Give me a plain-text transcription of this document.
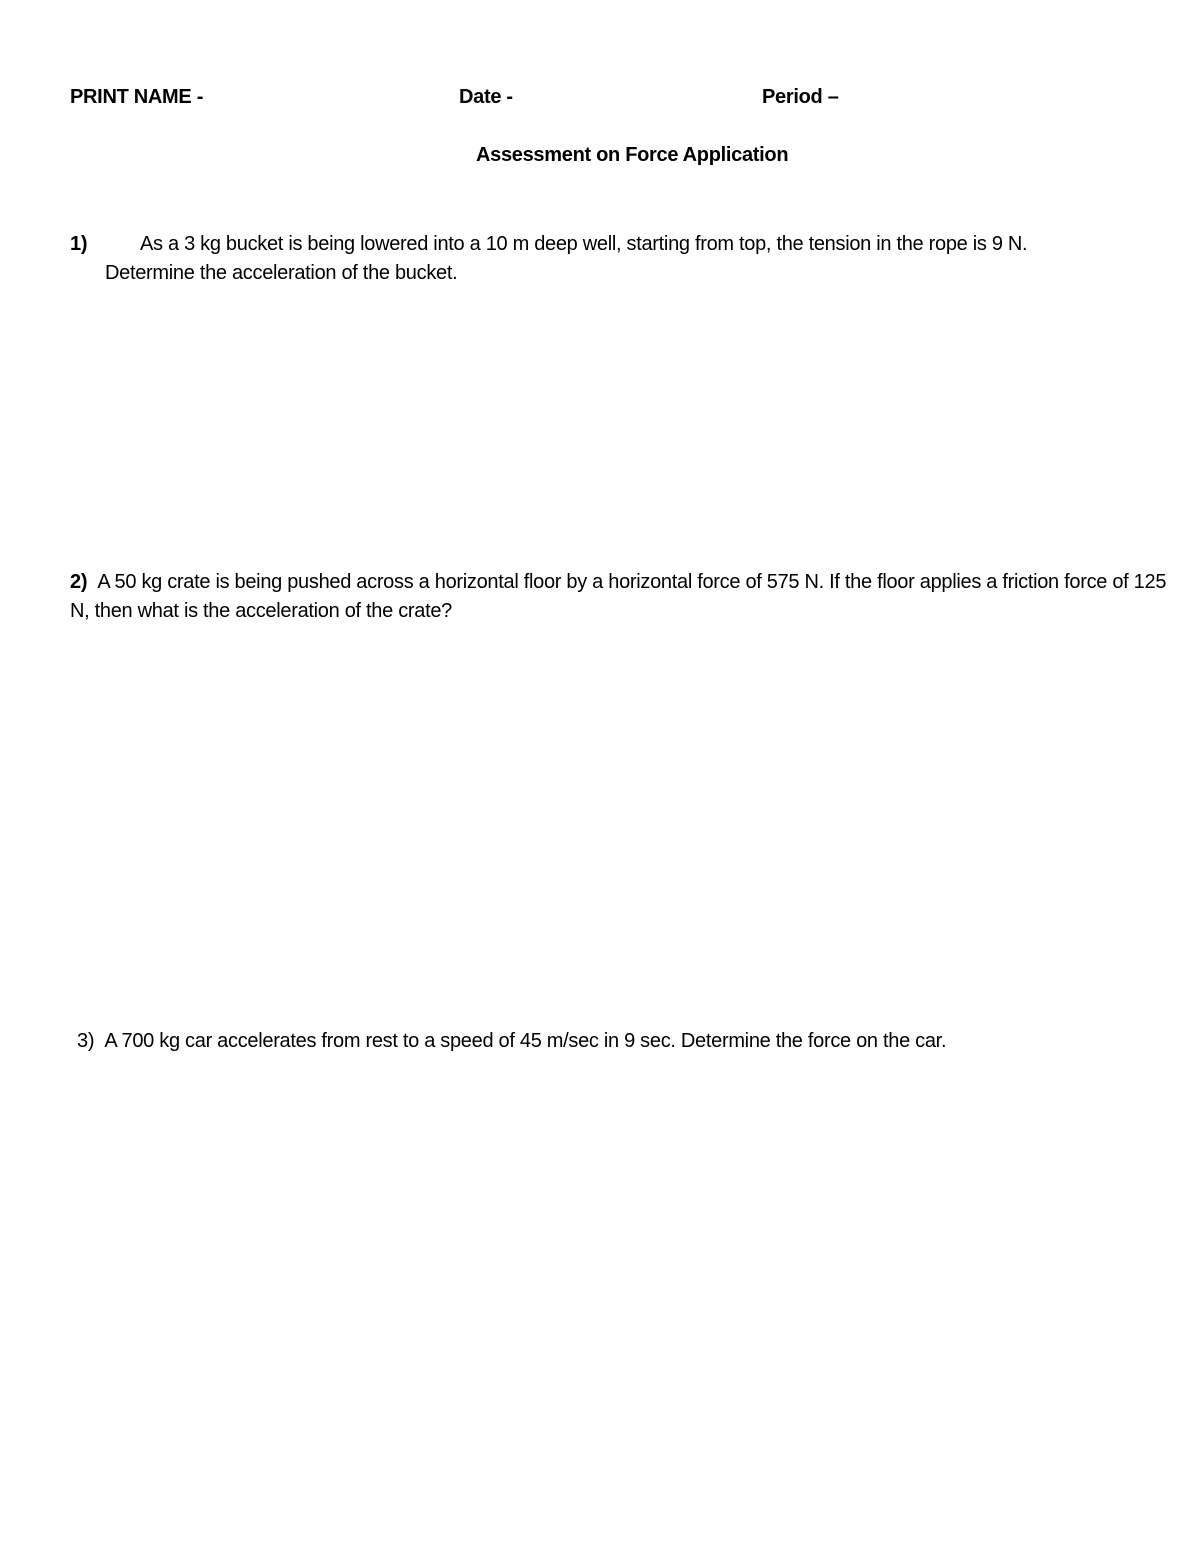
PRINT NAME -	Date -	Period –
Assessment on Force Application
1)	As a 3 kg bucket is being lowered into a 10 m deep well, starting from top, the tension in the rope is 9 N.
Determine the acceleration of the bucket.
2) A 50 kg crate is being pushed across a horizontal floor by a horizontal force of 575 N. If the floor applies a friction force of 125 N, then what is the acceleration of the crate?
3) A 700 kg car accelerates from rest to a speed of 45 m/sec in 9 sec. Determine the force on the car.
